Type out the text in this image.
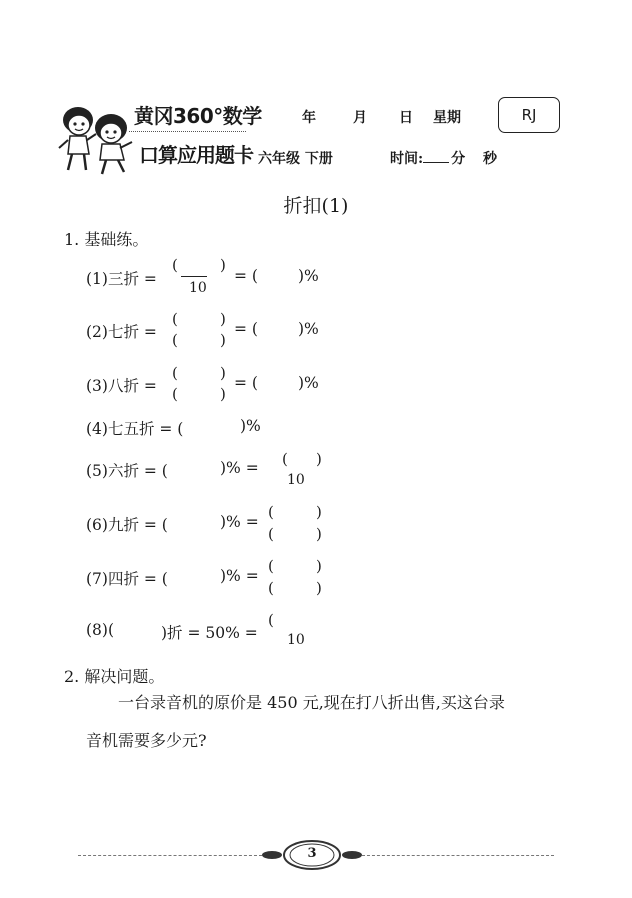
黄冈360°数学
口算应用题卡
年	月 日 星期	RJ
六年级 下册	时间: 分 秒
折扣(1)
1. 基础练。
(1)三折 =
(	)
10
= (	)%
(2)七折 =
(	)
(	)
= (	)%
(3)八折 =
(	)
(	)
= (	)%
(4)七五折 = (	)%
(5)六折 = (	)% = ( )
10
(6)九折 = (	)% =
(	)
(	)
(7)四折 = (	)% =
(	)
(	)
(8)(	)折 = 50% =
(
10
2. 解决问题。
一台录音机的原价是 450 元,现在打八折出售,买这台录
音机需要多少元?
3
